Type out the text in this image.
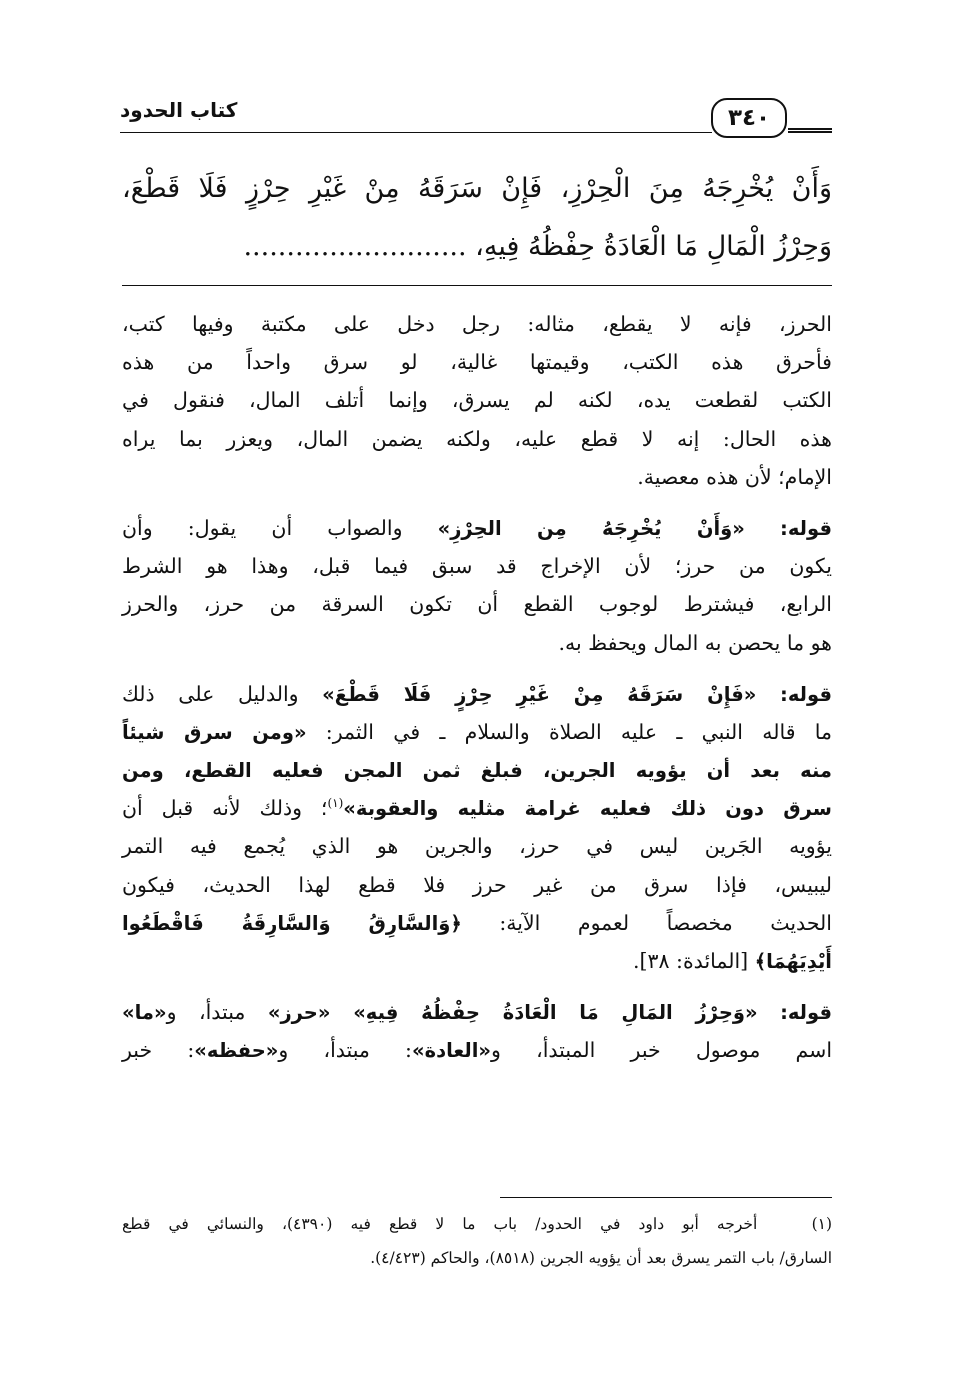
٣٤٠
كتاب الحدود
وَأَنْ يُخْرِجَهُ مِنَ الْحِرْزِ، فَإِنْ سَرَقَهُ مِنْ غَيْرِ حِرْزٍ فَلَا قَطْعَ،
وَحِرْزُ الْمَالِ مَا الْعَادَةُ حِفْظُهُ فِيهِ، ..........................
الحرز، فإنه لا يقطع، مثاله: رجل دخل على مكتبة وفيها كتب،
فأحرق هذه الكتب، وقيمتها غالية، لو سرق واحداً من هذه
الكتب لقطعت يده، لكنه لم يسرق، وإنما أتلف المال، فنقول في
هذه الحال: إنه لا قطع عليه، ولكنه يضمن المال، ويعزر بما يراه
الإمام؛ لأن هذه معصية.
قوله: «وَأَنْ يُخْرِجَهُ مِن الحِرْزِ» والصواب أن يقول: وأن
يكون من حرز؛ لأن الإخراج قد سبق فيما قبل، وهذا هو الشرط
الرابع، فيشترط لوجوب القطع أن تكون السرقة من حرز، والحرز
هو ما يحصن به المال ويحفظ به.
قوله: «فَإِنْ سَرَقَهُ مِنْ غَيْرِ حِرْزٍ فَلَا قَطْعَ» والدليل على ذلك
ما قاله النبي ـ عليه الصلاة والسلام ـ في الثمر: «ومن سرق شيئاً
منه بعد أن يؤويه الجرين، فبلغ ثمن المجن فعليه القطع، ومن
سرق دون ذلك فعليه غرامة مثليه والعقوبة»$^{(١)}$؛ وذلك لأنه قبل أن
يؤويه الجَرين ليس في حرز، والجرين هو الذي يُجمع فيه التمر
ليبيس، فإذا سرق من غير حرز فلا قطع لهذا الحديث، فيكون
الحديث مخصصاً لعموم الآية: ﴿وَالسَّارِقُ وَالسَّارِقَةُ فَاقْطَعُوا
أَيْدِيَهُمَا﴾ [المائدة: ٣٨].
قوله: «وَحِرْزُ المَالِ مَا الْعَادَةُ حِفْظُهُ فِيهِ» «حرز» مبتدأ، و«ما»
اسم موصول خبر المبتدأ، و«العادة»: مبتدأ، و«حفظه»: خبر
(١)   أخرجه أبو داود في الحدود/ باب ما لا قطع فيه (٤٣٩٠)، والنسائي في قطع
السارق/ باب التمر يسرق بعد أن يؤويه الجرين (٨٥١٨)، والحاكم (٤/٤٢٣).
